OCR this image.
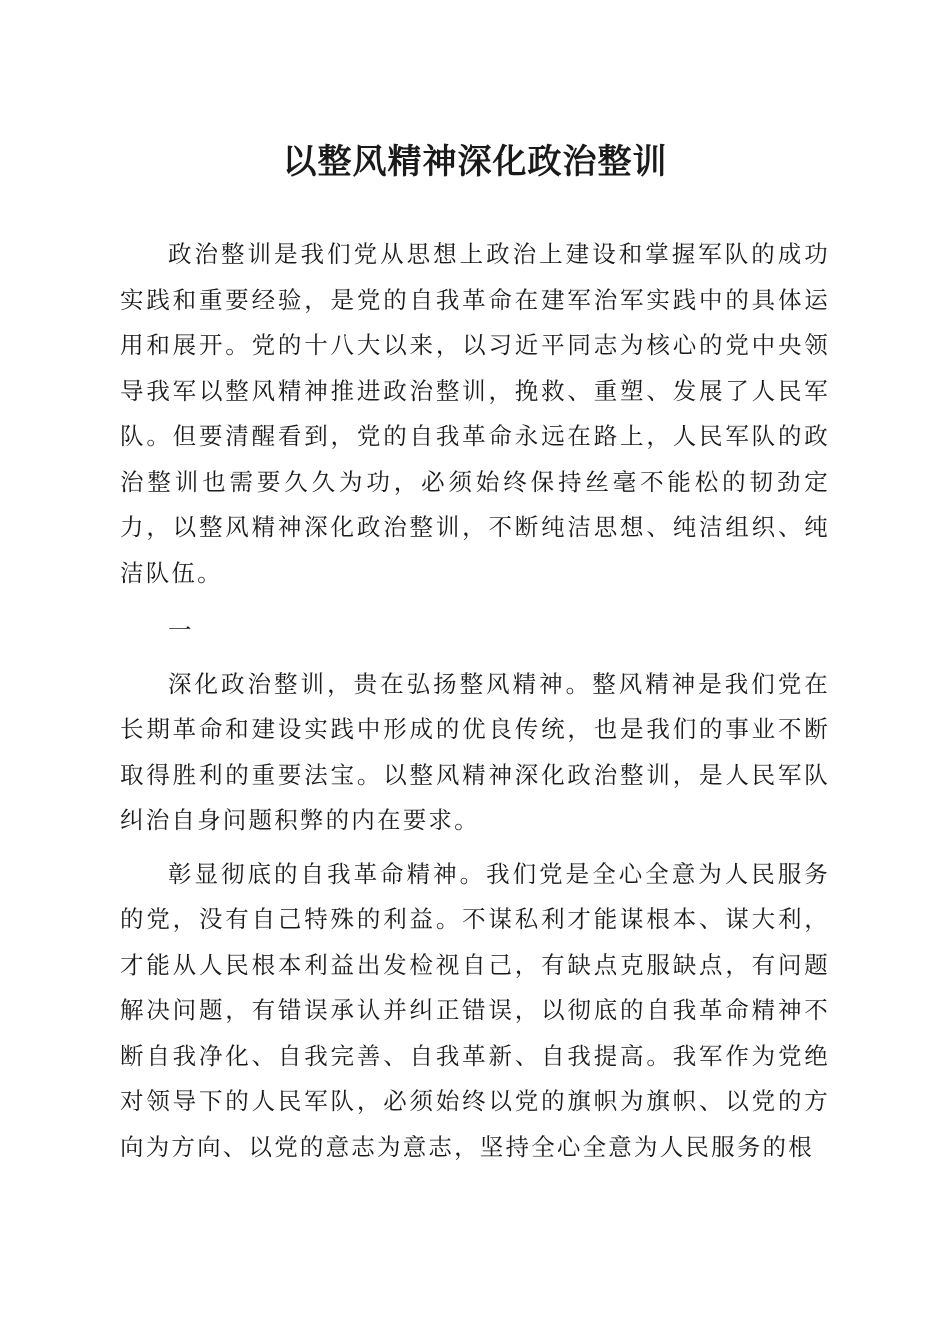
以整风精神深化政治整训

政治整训是我们党从思想上政治上建设和掌握军队的成功实践和重要经验，是党的自我革命在建军治军实践中的具体运用和展开。党的十八大以来，以习近平同志为核心的党中央领导我军以整风精神推进政治整训，挽救、重塑、发展了人民军队。但要清醒看到，党的自我革命永远在路上，人民军队的政治整训也需要久久为功，必须始终保持丝毫不能松的韧劲定力，以整风精神深化政治整训，不断纯洁思想、纯洁组织、纯洁队伍。

一

深化政治整训，贵在弘扬整风精神。整风精神是我们党在长期革命和建设实践中形成的优良传统，也是我们的事业不断取得胜利的重要法宝。以整风精神深化政治整训，是人民军队纠治自身问题积弊的内在要求。

彰显彻底的自我革命精神。我们党是全心全意为人民服务的党，没有自己特殊的利益。不谋私利才能谋根本、谋大利，才能从人民根本利益出发检视自己，有缺点克服缺点，有问题解决问题，有错误承认并纠正错误，以彻底的自我革命精神不断自我净化、自我完善、自我革新、自我提高。我军作为党绝对领导下的人民军队，必须始终以党的旗帜为旗帜、以党的方向为方向、以党的意志为意志，坚持全心全意为人民服务的根
